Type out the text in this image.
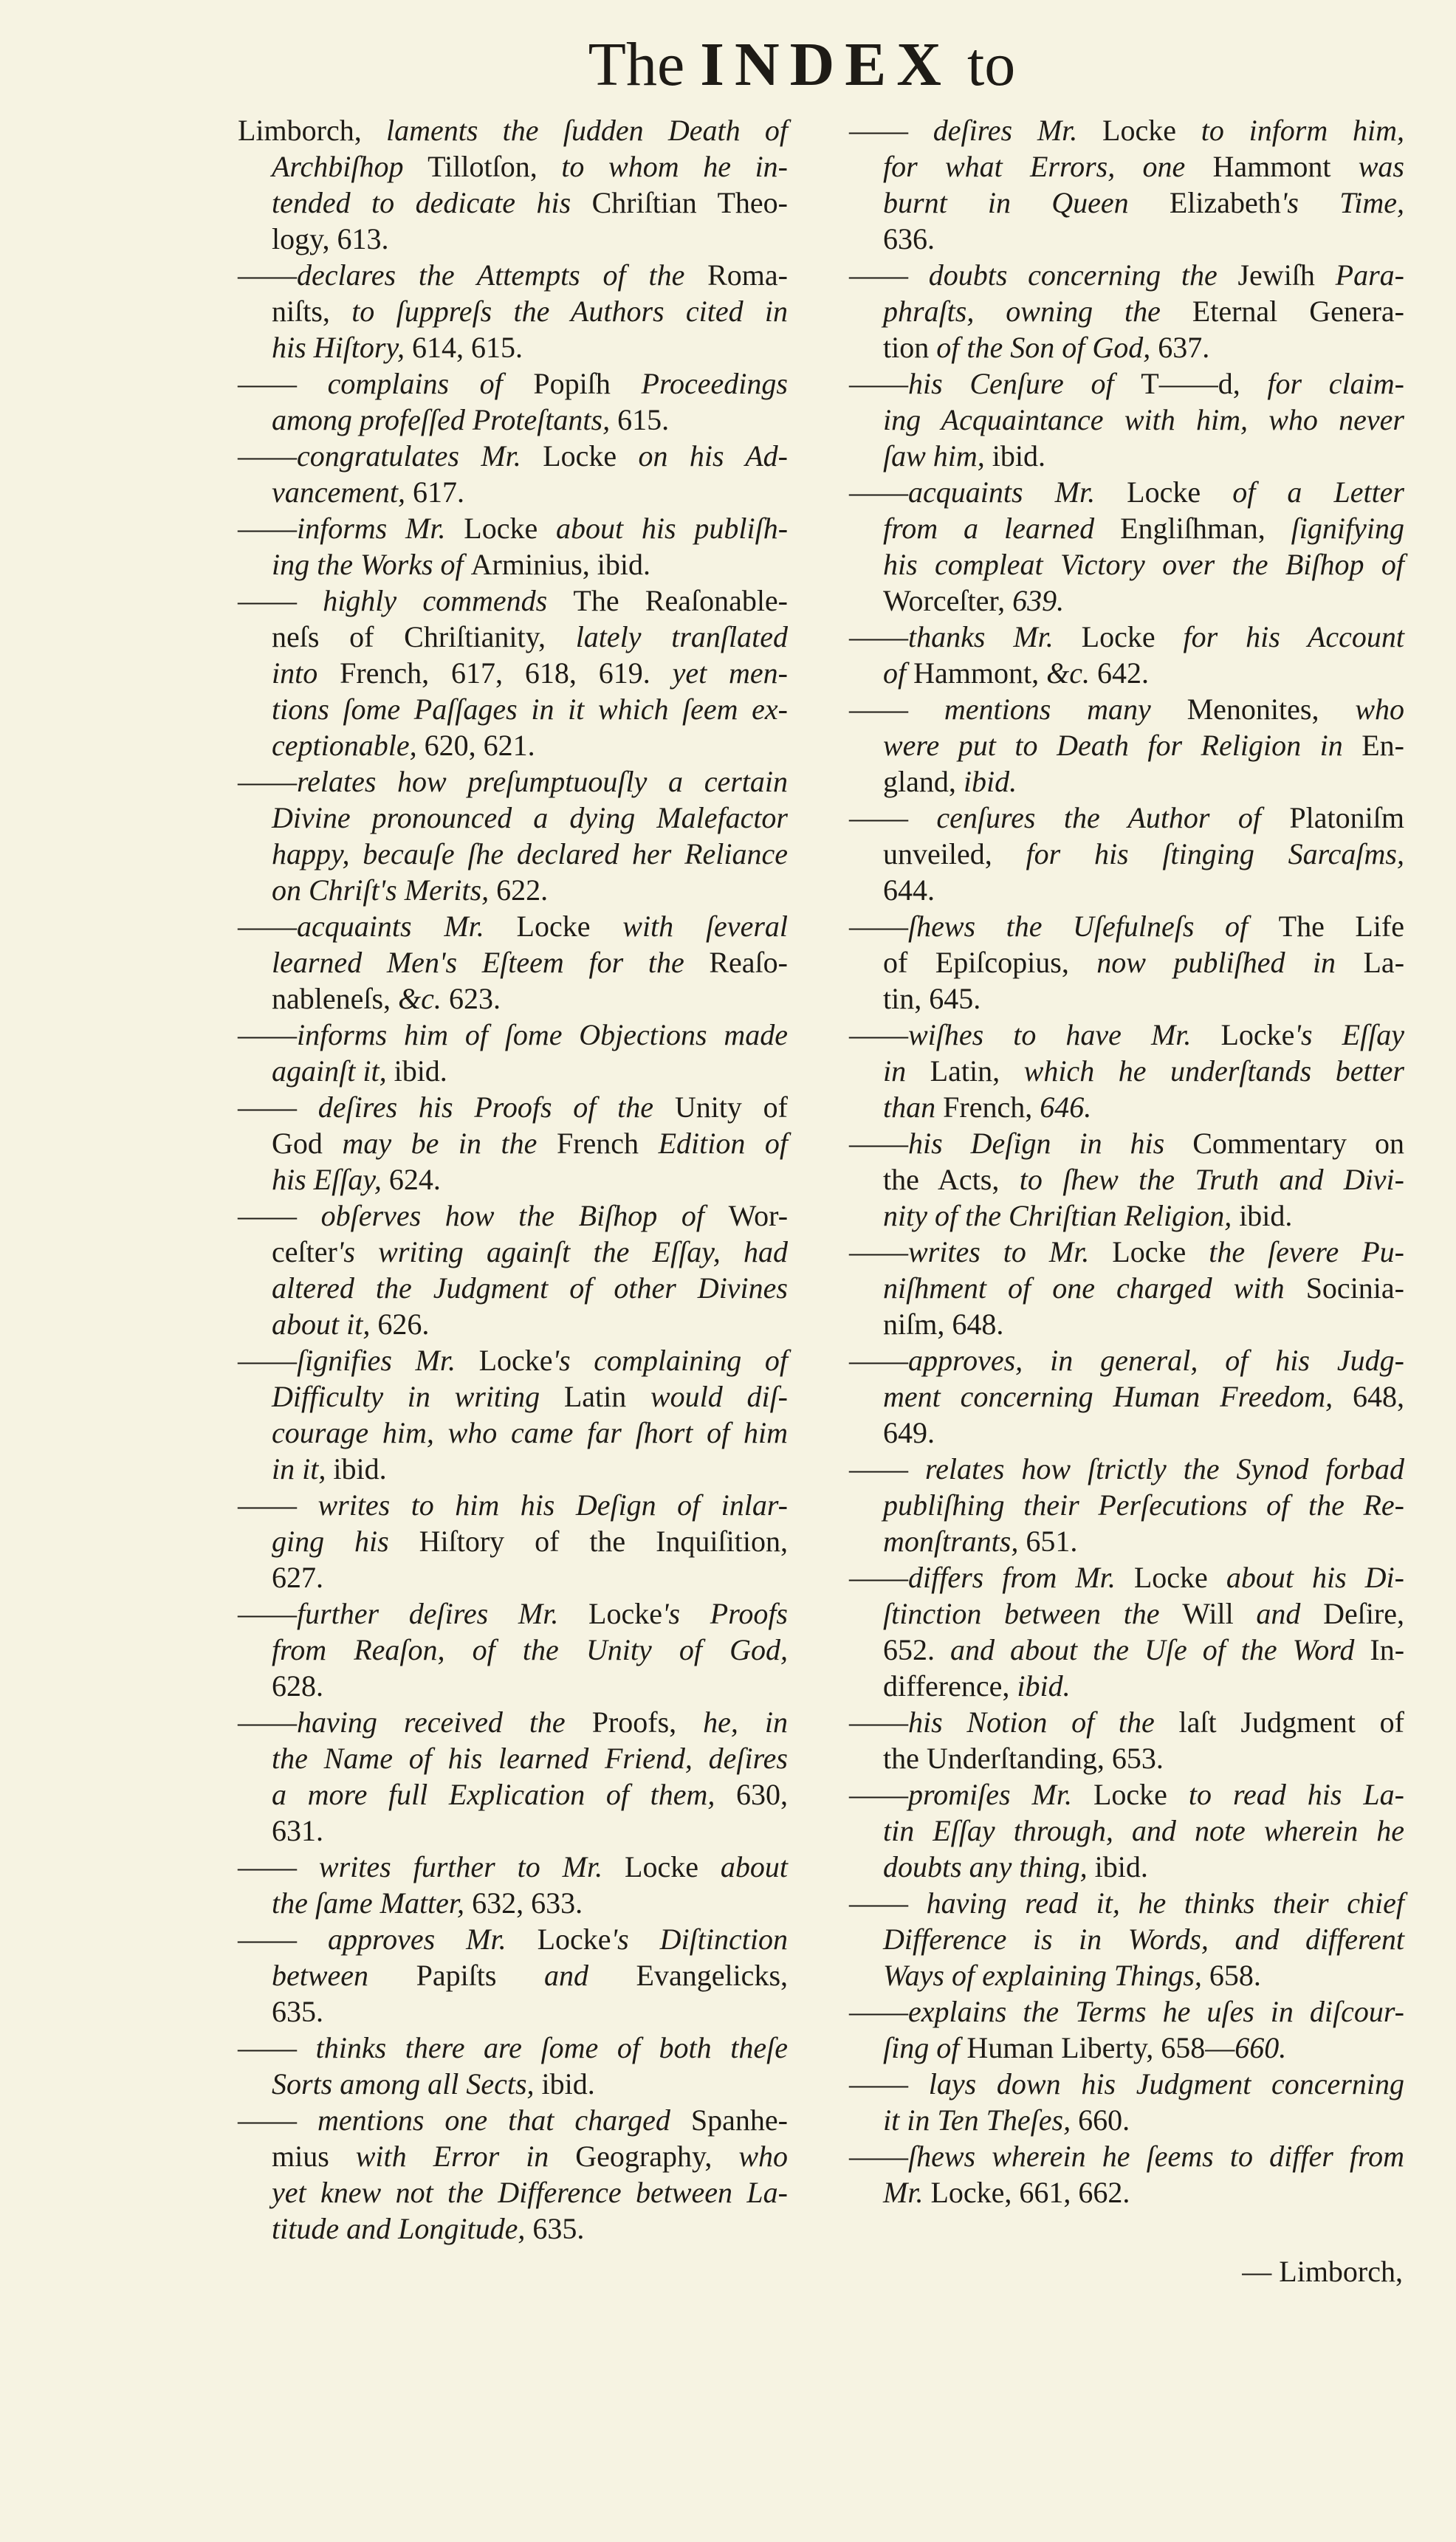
The INDEX to
Limborch, laments the ſudden Death of
Archbiſhop Tillotſon, to whom he in-
tended to dedicate his Chriſtian Theo-
logy, 613.
——declares the Attempts of the Roma-
niſts, to ſuppreſs the Authors cited in
his Hiſtory, 614, 615.
—— complains of Popiſh Proceedings
among profeſſed Proteſtants, 615.
——congratulates Mr. Locke on his Ad-
vancement, 617.
——informs Mr. Locke about his publiſh-
ing the Works of Arminius, ibid.
—— highly commends The Reaſonable-
neſs of Chriſtianity, lately tranſlated
into French, 617, 618, 619. yet men-
tions ſome Paſſages in it which ſeem ex-
ceptionable, 620, 621.
——relates how preſumptuouſly a certain
Divine pronounced a dying Malefactor
happy, becauſe ſhe declared her Reliance
on Chriſt's Merits, 622.
——acquaints Mr. Locke with ſeveral
learned Men's Eſteem for the Reaſo-
nableneſs, &c. 623.
——informs him of ſome Objections made
againſt it, ibid.
—— deſires his Proofs of the Unity of
God may be in the French Edition of
his Eſſay, 624.
—— obſerves how the Biſhop of Wor-
ceſter's writing againſt the Eſſay, had
altered the Judgment of other Divines
about it, 626.
——ſignifies Mr. Locke's complaining of
Difficulty in writing Latin would diſ-
courage him, who came far ſhort of him
in it, ibid.
—— writes to him his Deſign of inlar-
ging his Hiſtory of the Inquiſition,
627.
——further deſires Mr. Locke's Proofs
from Reaſon, of the Unity of God,
628.
——having received the Proofs, he, in
the Name of his learned Friend, deſires
a more full Explication of them, 630,
631.
—— writes further to Mr. Locke about
the ſame Matter, 632, 633.
—— approves Mr. Locke's Diſtinction
between Papiſts and Evangelicks,
635.
—— thinks there are ſome of both theſe
Sorts among all Sects, ibid.
—— mentions one that charged Spanhe-
mius with Error in Geography, who
yet knew not the Difference between La-
titude and Longitude, 635.
—— deſires Mr. Locke to inform him,
for what Errors, one Hammont was
burnt in Queen Elizabeth's Time,
636.
—— doubts concerning the Jewiſh Para-
phraſts, owning the Eternal Genera-
tion of the Son of God, 637.
——his Cenſure of T——d, for claim-
ing Acquaintance with him, who never
ſaw him, ibid.
——acquaints Mr. Locke of a Letter
from a learned Engliſhman, ſignifying
his compleat Victory over the Biſhop of
Worceſter, 639.
——thanks Mr. Locke for his Account
of Hammont, &c. 642.
—— mentions many Menonites, who
were put to Death for Religion in En-
gland, ibid.
—— cenſures the Author of Platoniſm
unveiled, for his ſtinging Sarcaſms,
644.
——ſhews the Uſefulneſs of The Life
of Epiſcopius, now publiſhed in La-
tin, 645.
——wiſhes to have Mr. Locke's Eſſay
in Latin, which he underſtands better
than French, 646.
——his Deſign in his Commentary on
the Acts, to ſhew the Truth and Divi-
nity of the Chriſtian Religion, ibid.
——writes to Mr. Locke the ſevere Pu-
niſhment of one charged with Socinia-
niſm, 648.
——approves, in general, of his Judg-
ment concerning Human Freedom, 648,
649.
—— relates how ſtrictly the Synod forbad
publiſhing their Perſecutions of the Re-
monſtrants, 651.
——differs from Mr. Locke about his Di-
ſtinction between the Will and Deſire,
652. and about the Uſe of the Word In-
difference, ibid.
——his Notion of the laſt Judgment of
the Underſtanding, 653.
——promiſes Mr. Locke to read his La-
tin Eſſay through, and note wherein he
doubts any thing, ibid.
—— having read it, he thinks their chief
Difference is in Words, and different
Ways of explaining Things, 658.
——explains the Terms he uſes in diſcour-
ſing of Human Liberty, 658—660.
—— lays down his Judgment concerning
it in Ten Theſes, 660.
——ſhews wherein he ſeems to differ from
Mr. Locke, 661, 662.
— Limborch,
